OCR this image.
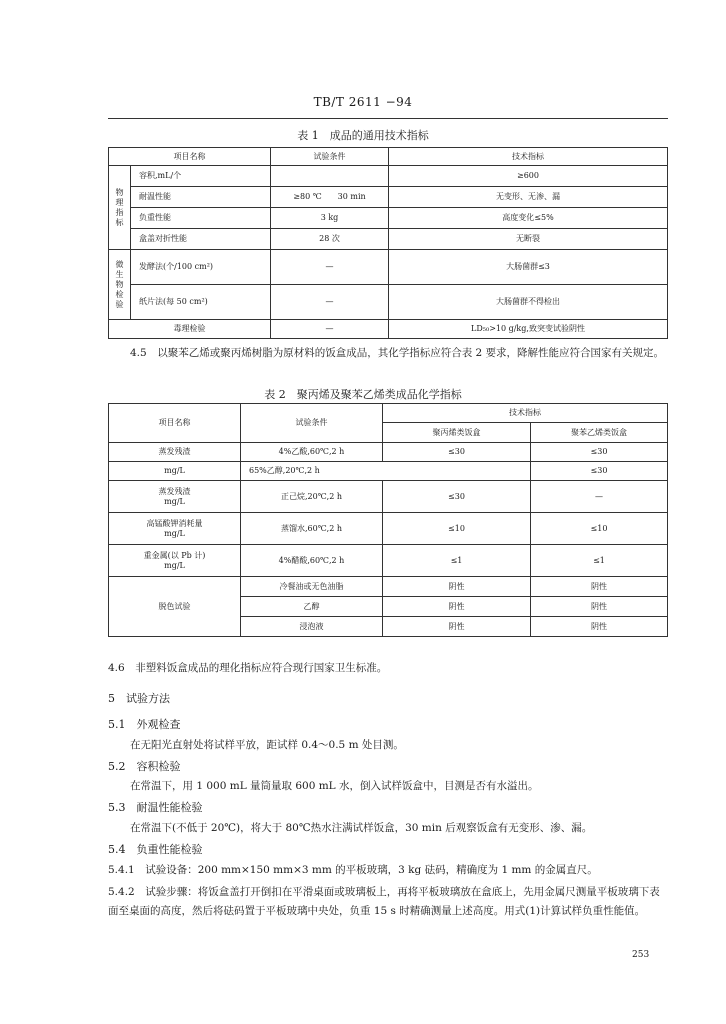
TB/T 2611 −94
表 1　成品的通用技术指标
项目名称		试验条件	技术指标

物
理
指
标	容积,mL/个		≥600
	耐温性能	≥80 ℃　　30 min	无变形、无渗、漏
	负重性能	3 kg	高度变化≤5%
	盒盖对折性能	28 次	无断裂

微
生
物
检
验	发酵法(个/100 cm²)	—	大肠菌群≤3
	纸片法(每 50 cm²)	—	大肠菌群不得检出
毒理检验		—	LD₅₀>10 g/kg,致突变试验阴性
4.5　以聚苯乙烯或聚丙烯树脂为原材料的饭盒成品，其化学指标应符合表 2 要求，降解性能应符合国家有关规定。
表 2　聚丙烯及聚苯乙烯类成品化学指标
项目名称	试验条件	技术指标	
		聚丙烯类饭盒	聚苯乙烯类饭盒
蒸发残渣	4%乙酸,60℃,2 h	≤30	≤30
mg/L	65%乙醇,20℃,2 h		≤30

蒸发残渣
mg/L	正己烷,20℃,2 h	≤30	—

高锰酸钾消耗量
mg/L	蒸馏水,60℃,2 h	≤10	≤10

重金属(以 Pb 计)
mg/L	4%醋酸,60℃,2 h	≤1	≤1
脱色试验	冷餐油或无色油脂	阴性	阴性
	乙醇	阴性	阴性
	浸泡液	阴性	阴性
4.6　非塑料饭盒成品的理化指标应符合现行国家卫生标准。
5　试验方法
5.1　外观检查
在无阳光直射处将试样平放，距试样 0.4～0.5 m 处目测。
5.2　容积检验
在常温下，用 1 000 mL 量筒量取 600 mL 水，倒入试样饭盒中，目测是否有水溢出。
5.3　耐温性能检验
在常温下(不低于 20℃)，将大于 80℃热水注满试样饭盒，30 min 后观察饭盒有无变形、渗、漏。
5.4　负重性能检验
5.4.1　试验设备：200 mm×150 mm×3 mm 的平板玻璃，3 kg 砝码，精确度为 1 mm 的金属直尺。
5.4.2　试验步骤：将饭盒盖打开倒扣在平滑桌面或玻璃板上，再将平板玻璃放在盒底上，先用金属尺测量平板玻璃下表面至桌面的高度，然后将砝码置于平板玻璃中央处，负重 15 s 时精确测量上述高度。用式(1)计算试样负重性能值。
253
